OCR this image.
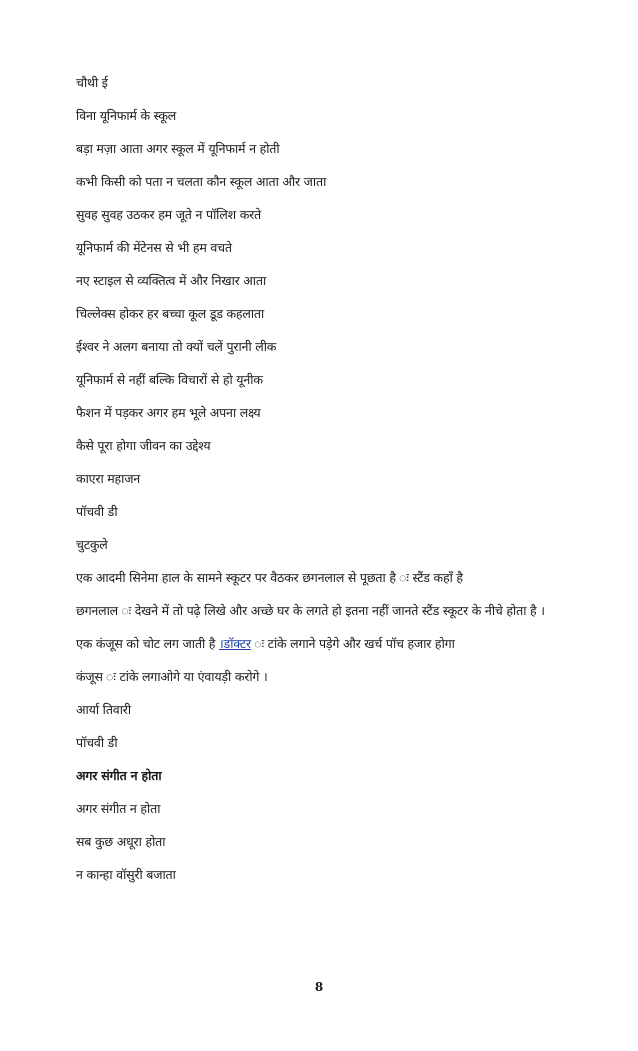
चौथी ई
विना यूनिफार्म के स्कूल
बड़ा मज़ा आता अगर स्कूल में यूनिफार्म न होती
कभी किसी को पता न चलता कौन स्कूल आता और जाता
सुवह सुवह उठकर हम जूते न पॉलिश करते
यूनिफार्म की मेंटेनस से भी हम वचते
नए स्टाइल से व्यक्तित्व में और निखार आता
चिल्लेक्स होकर हर बच्चा कूल डूड कहलाता
ईश्वर ने अलग बनाया तो क्यों चलें पुरानी लीक
यूनिफार्म से नहीं बल्कि विचारों से हो यूनीक
फैशन में पड़कर अगर हम भूले अपना लक्ष्य
कैसे पूरा होगा जीवन का उद्देश्य
काएरा महाजन
पॉचवी डी
चुटकुले
एक आदमी सिनेमा हाल के सामने स्कूटर पर वैठकर छगनलाल से पूछता है ः स्टैंड कहाँ है
छगनलाल ः देखने में तो पढ़े लिखे और अच्छे घर के लगते हो इतना नहीं जानते स्टैंड स्कूटर के नीचे होता है ।
एक कंजूस को चोट लग जाती है ।डॉक्टर ः टांके लगाने पड़ेगे और खर्च पॉच हजार होगा
कंजूस ः टांके लगाओगे या एंवायड़ी करोगे ।
आर्या तिवारी
पॉचवी डी
अगर संगीत न होता
अगर संगीत न होता
सब कुछ अधूरा होता
न कान्हा वॉसुरी बजाता
8
